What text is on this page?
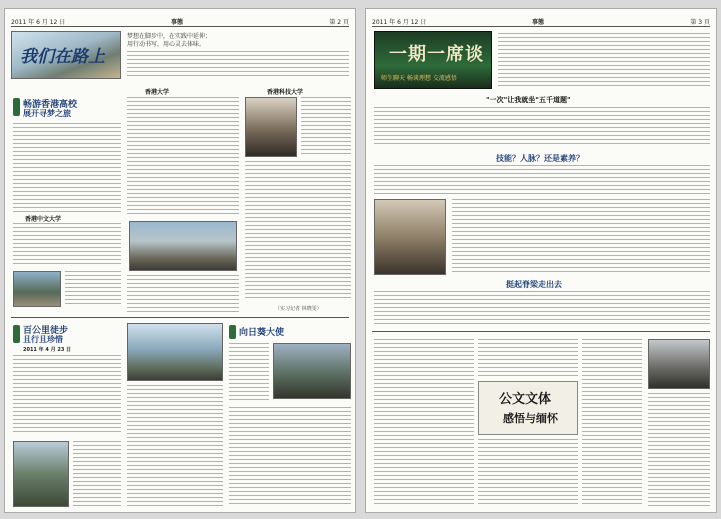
2011 年 6 月 12 日	事態	第 2 頁
我们在路上
梦想在脚步中，在实践中延伸；
用行动书写，用心灵去体味。
畅游香港高校
展开寻梦之旅
香港中文大学
香港大学	香港科技大学
（实习记者 林晓雯）
百公里徒步
且行且珍惜
2011 年 4 月 23 日
向日葵大使
2011 年 6 月 12 日	事態	第 3 頁
一期一席谈
师生聊天 畅谈理想 交流感悟
"一次"让我就坐"五千道题"
技能？人脉？还是素养？
挺起脊梁走出去
公文文体
感悟与缅怀
